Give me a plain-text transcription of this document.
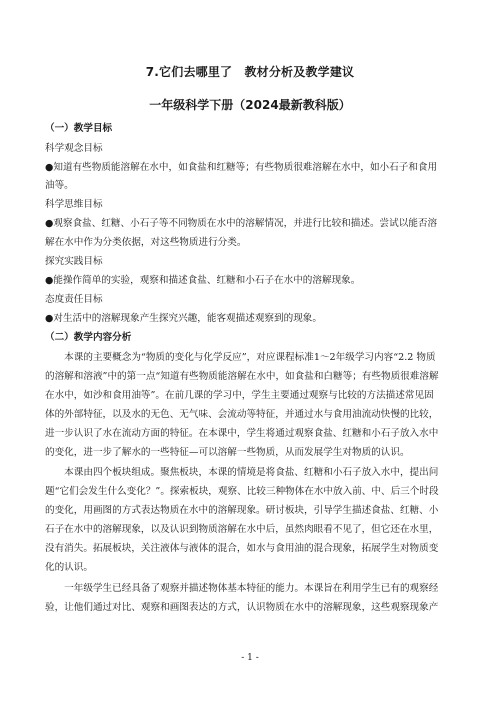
7.它们去哪里了　教材分析及教学建议
一年级科学下册（2024最新教科版）
（一）教学目标
科学观念目标
●知道有些物质能溶解在水中，如食盐和红糖等；有些物质很难溶解在水中，如小石子和食用
油等。
科学思维目标
●观察食盐、红糖、小石子等不同物质在水中的溶解情况，并进行比较和描述。尝试以能否溶
解在水中作为分类依据，对这些物质进行分类。
探究实践目标
●能操作简单的实验，观察和描述食盐、红糖和小石子在水中的溶解现象。
态度责任目标
●对生活中的溶解现象产生探究兴趣，能客观描述观察到的现象。
（二）教学内容分析
　　本课的主要概念为“物质的变化与化学反应”，对应课程标准1～2年级学习内容“2.2 物质
的溶解和溶液”中的第一点“知道有些物质能溶解在水中，如食盐和白糖等；有些物质很难溶解
在水中，如沙和食用油等”。在前几课的学习中，学生主要通过观察与比较的方法描述常见固
体的外部特征，以及水的无色、无气味、会流动等特征，并通过水与食用油流动快慢的比较，
进一步认识了水在流动方面的特征。在本课中，学生将通过观察食盐、红糖和小石子放入水中
的变化，进一步了解水的一些特征—可以溶解一些物质，从而发展学生对物质的认识。
　　本课由四个板块组成。聚焦板块，本课的情境是将食盐、红糖和小石子放入水中，提出问
题“它们会发生什么变化？”。探索板块，观察、比较三种物体在水中放入前、中、后三个时段
的变化，用画图的方式表达物质在水中的溶解现象。研讨板块，引导学生描述食盐、红糖、小
石子在水中的溶解现象，以及认识到物质溶解在水中后，虽然肉眼看不见了，但它还在水里，
没有消失。拓展板块，关注液体与液体的混合，如水与食用油的混合现象，拓展学生对物质变
化的认识。
　　一年级学生已经具备了观察并描述物体基本特征的能力。本课旨在利用学生已有的观察经
验，让他们通过对比、观察和画图表达的方式，认识物质在水中的溶解现象，这些观察现象产
- 1 -
